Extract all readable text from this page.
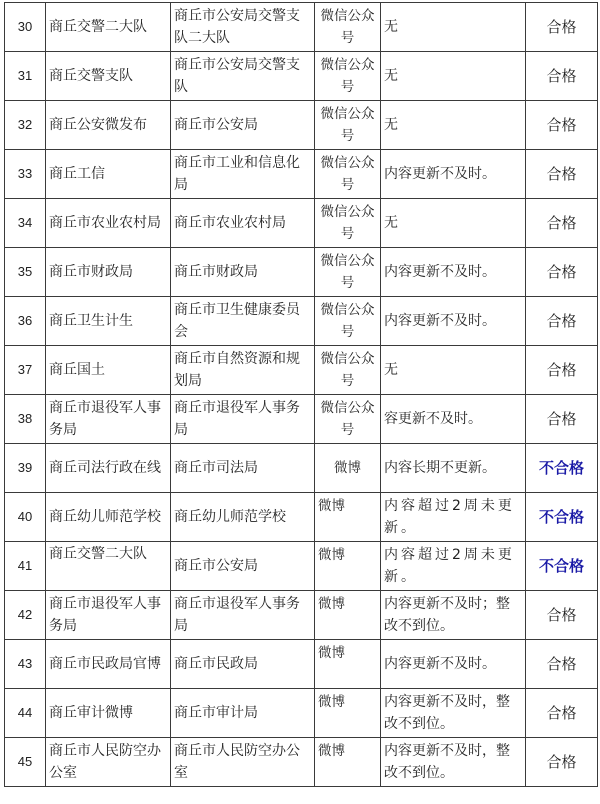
30	商丘交警二大队	商丘市公安局交警支队二大队	微信公众号	无	合格
31	商丘交警支队	商丘市公安局交警支队	微信公众号	无	合格
32	商丘公安微发布	商丘市公安局	微信公众号	无	合格
33	商丘工信	商丘市工业和信息化局	微信公众号	内容更新不及时。	合格
34	商丘市农业农村局	商丘市农业农村局	微信公众号	无	合格
35	商丘市财政局	商丘市财政局	微信公众号	内容更新不及时。	合格
36	商丘卫生计生	商丘市卫生健康委员会	微信公众号	内容更新不及时。	合格
37	商丘国土	商丘市自然资源和规划局	微信公众号	无	合格
38	商丘市退役军人事务局	商丘市退役军人事务局	微信公众号	容更新不及时。	合格
39	商丘司法行政在线	商丘市司法局	微博	内容长期不更新。	不合格
40	商丘幼儿师范学校	商丘幼儿师范学校	微博	内容超过2周未更新。	不合格
41	商丘交警二大队	商丘市公安局	微博	内容超过2周未更新。	不合格
42	商丘市退役军人事务局	商丘市退役军人事务局	微博	内容更新不及时；整改不到位。	合格
43	商丘市民政局官博	商丘市民政局	微博	内容更新不及时。	合格
44	商丘审计微博	商丘市审计局	微博	内容更新不及时，整改不到位。	合格
45	商丘市人民防空办公室	商丘市人民防空办公室	微博	内容更新不及时，整改不到位。	合格
